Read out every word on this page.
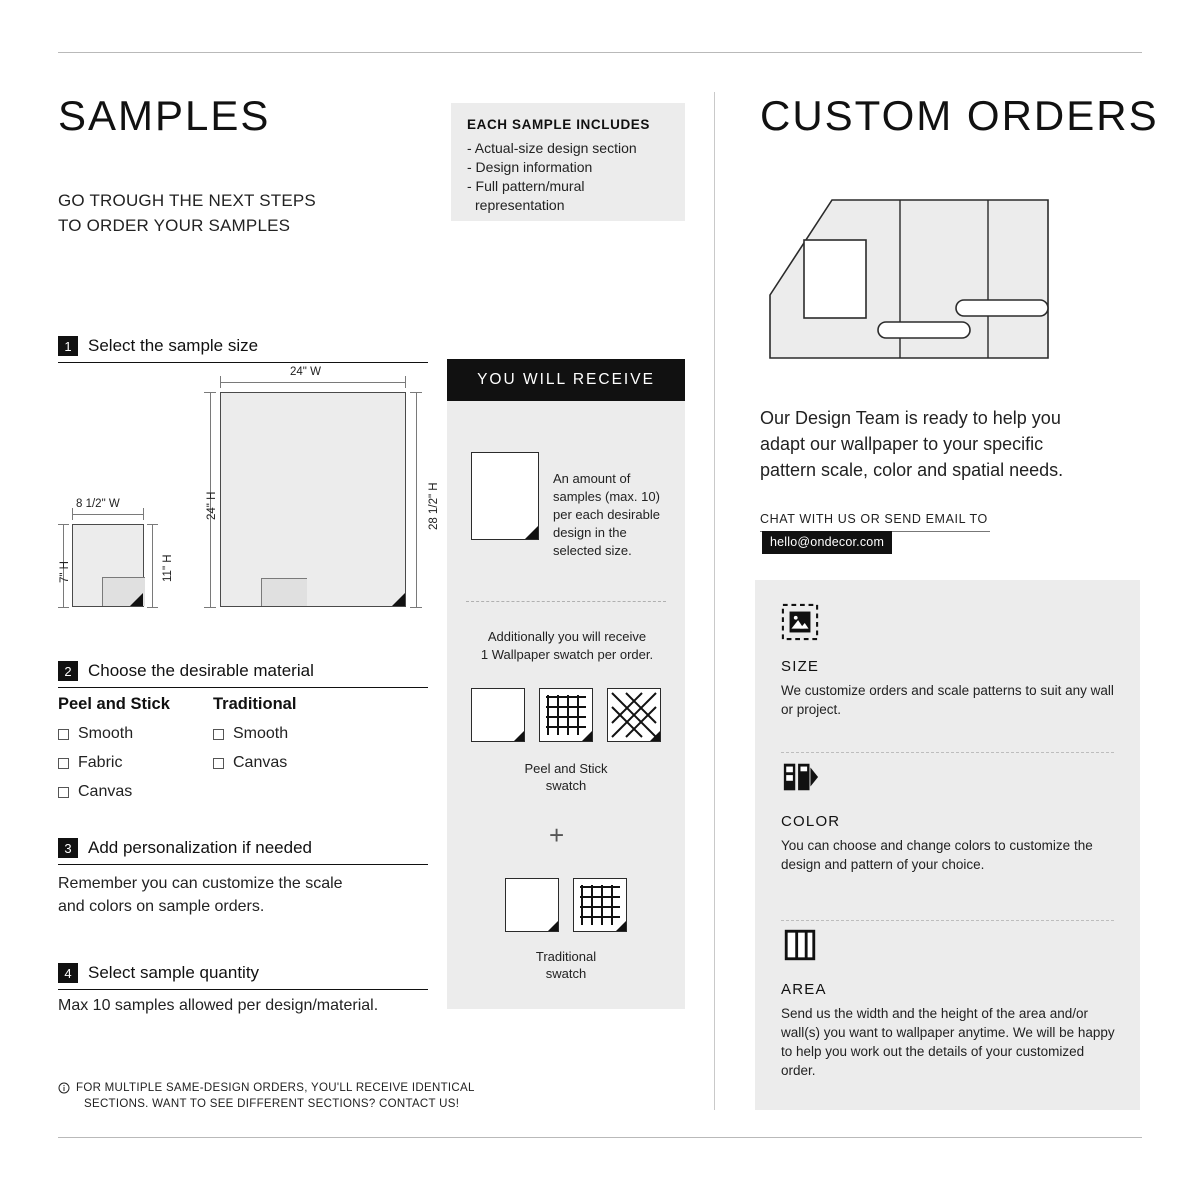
SAMPLES
GO TROUGH THE NEXT STEPS
TO ORDER YOUR SAMPLES
EACH SAMPLE INCLUDES
- Actual-size design section
- Design information
- Full pattern/mural
representation
1 Select the sample size
24" W
24" H	28 1/2" H
8 1/2" W
7" H	11" H
2 Choose the desirable material
Peel and Stick
Smooth
Fabric
Canvas
Traditional
Smooth
Canvas
3 Add personalization if needed
Remember you can customize the scale
and colors on sample orders.
4 Select sample quantity
Max 10 samples allowed per design/material.
FOR MULTIPLE SAME-DESIGN ORDERS, YOU'LL RECEIVE IDENTICAL
SECTIONS. WANT TO SEE DIFFERENT SECTIONS? CONTACT US!
YOU WILL RECEIVE
An amount of samples (max. 10) per each desirable design in the selected size.
Additionally you will receive
1 Wallpaper swatch per order.
Peel and Stick
swatch
+
Traditional
swatch
CUSTOM ORDERS
Our Design Team is ready to help you adapt our wallpaper to your specific pattern scale, color and spatial needs.
CHAT WITH US OR SEND EMAIL TO
hello@ondecor.com
SIZE
We customize orders and scale patterns to suit any wall or project.
COLOR
You can choose and change colors to customize the design and pattern of your choice.
AREA
Send us the width and the height of the area and/or wall(s) you want to wallpaper anytime. We will be happy to help you work out the details of your customized order.
